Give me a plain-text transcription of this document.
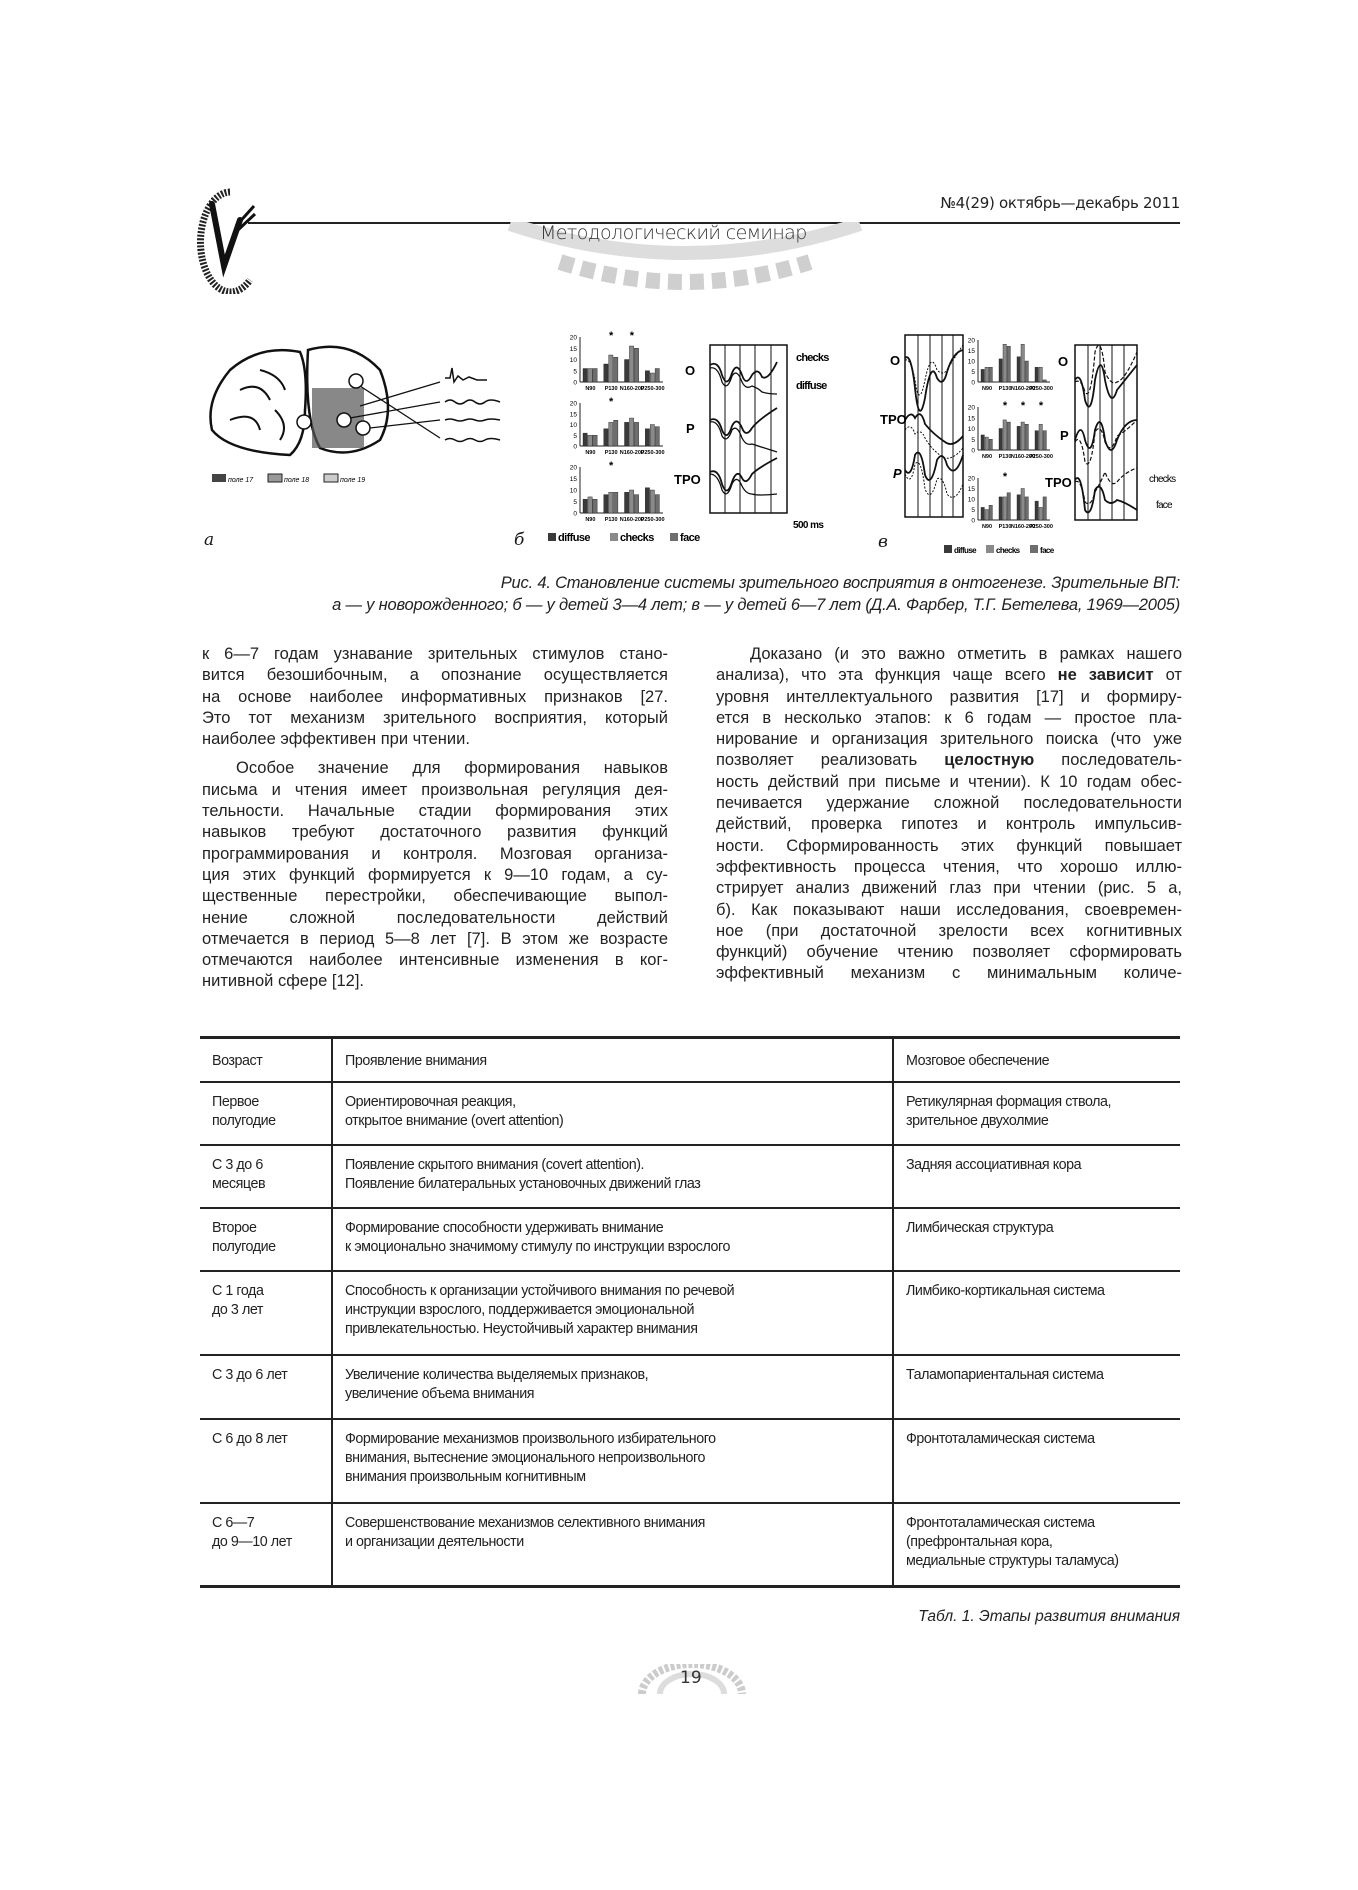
№4(29) октябрь—декабрь 2011
Методологический семинар
поле 17	поле 18	поле 19
а	б	в
O
P
TPO
checks
diffuse
500 ms
O
TPO
P
O
P
TPO	checks
face
0
5
10
15
20
N90 P130
*
N160-200
*
P250-300
0
5
10
15
20
N90 P130
*
N160-200
P250-300
0
5
10
15
20
N90 P130
*
N160-200
P250-300
0
5
10
15
20
N90 P130 N160-200
P250-300
0
5
10
15
20
N90 P130
*
N160-200
*
P250-300
*
0
5
10
15
20
N90 P130
*
N160-200
P250-300
diffuse	checks face
diffuse checks	face
Рис. 4. Становление системы зрительного восприятия в онтогенезе. Зрительные ВП:
а — у новорожденного; б — у детей 3—4 лет; в — у детей 6—7 лет (Д.А. Фарбер, Т.Г. Бетелева, 1969—2005)
к 6—7 годам узнавание зрительных стимулов стано-
вится безошибочным, а опознание осуществляется
на основе наиболее информативных признаков [27.
Это тот механизм зрительного восприятия, который
наиболее эффективен при чтении.
Особое значение для формирования навыков
письма и чтения имеет произвольная регуляция дея-
тельности. Начальные стадии формирования этих
навыков требуют достаточного развития функций
программирования и контроля. Мозговая организа-
ция этих функций формируется к 9—10 годам, а су-
щественные перестройки, обеспечивающие выпол-
нение сложной последовательности действий
отмечается в период 5—8 лет [7]. В этом же возрасте
отмечаются наиболее интенсивные изменения в ког-
нитивной сфере [12].
Доказано (и это важно отметить в рамках нашего
анализа), что эта функция чаще всего не зависит от
уровня интеллектуального развития [17] и формиру-
ется в несколько этапов: к 6 годам — простое пла-
нирование и организация зрительного поиска (что уже
позволяет реализовать целостную последователь-
ность действий при письме и чтении). К 10 годам обес-
печивается удержание сложной последовательности
действий, проверка гипотез и контроль импульсив-
ности. Сформированность этих функций повышает
эффективность процесса чтения, что хорошо иллю-
стрирует анализ движений глаз при чтении (рис. 5 а,
б). Как показывают наши исследования, своевремен-
ное (при достаточной зрелости всех когнитивных
функций) обучение чтению позволяет сформировать
эффективный механизм с минимальным количе-
Возраст	Проявление внимания	Мозговое обеспечение

Первое
полугодие	Ориентировочная реакция,
открытое внимание (overt attention)	Ретикулярная формация ствола,
зрительное двухолмие

С 3 до 6
месяцев	Появление скрытого внимания (covert attention).
Появление билатеральных установочных движений глаз	Задняя ассоциативная кора

Второе
полугодие	Формирование способности удерживать внимание
к эмоционально значимому стимулу по инструкции взрослого	Лимбическая структура

С 1 года
до 3 лет	Способность к организации устойчивого внимания по речевой
инструкции взрослого, поддерживается эмоциональной
привлекательностью. Неустойчивый характер внимания	Лимбико-кортикальная система

С 3 до 6 лет	Увеличение количества выделяемых признаков,
увеличение объема внимания	Таламопариентальная система

С 6 до 8 лет	Формирование механизмов произвольного избирательного
внимания, вытеснение эмоционального непроизвольного
внимания произвольным когнитивным	Фронтоталамическая система

С 6—7
до 9—10 лет	Совершенствование механизмов селективного внимания
и организации деятельности	Фронтоталамическая система
(префронтальная кора,
медиальные структуры таламуса)
Табл. 1. Этапы развития внимания
19
